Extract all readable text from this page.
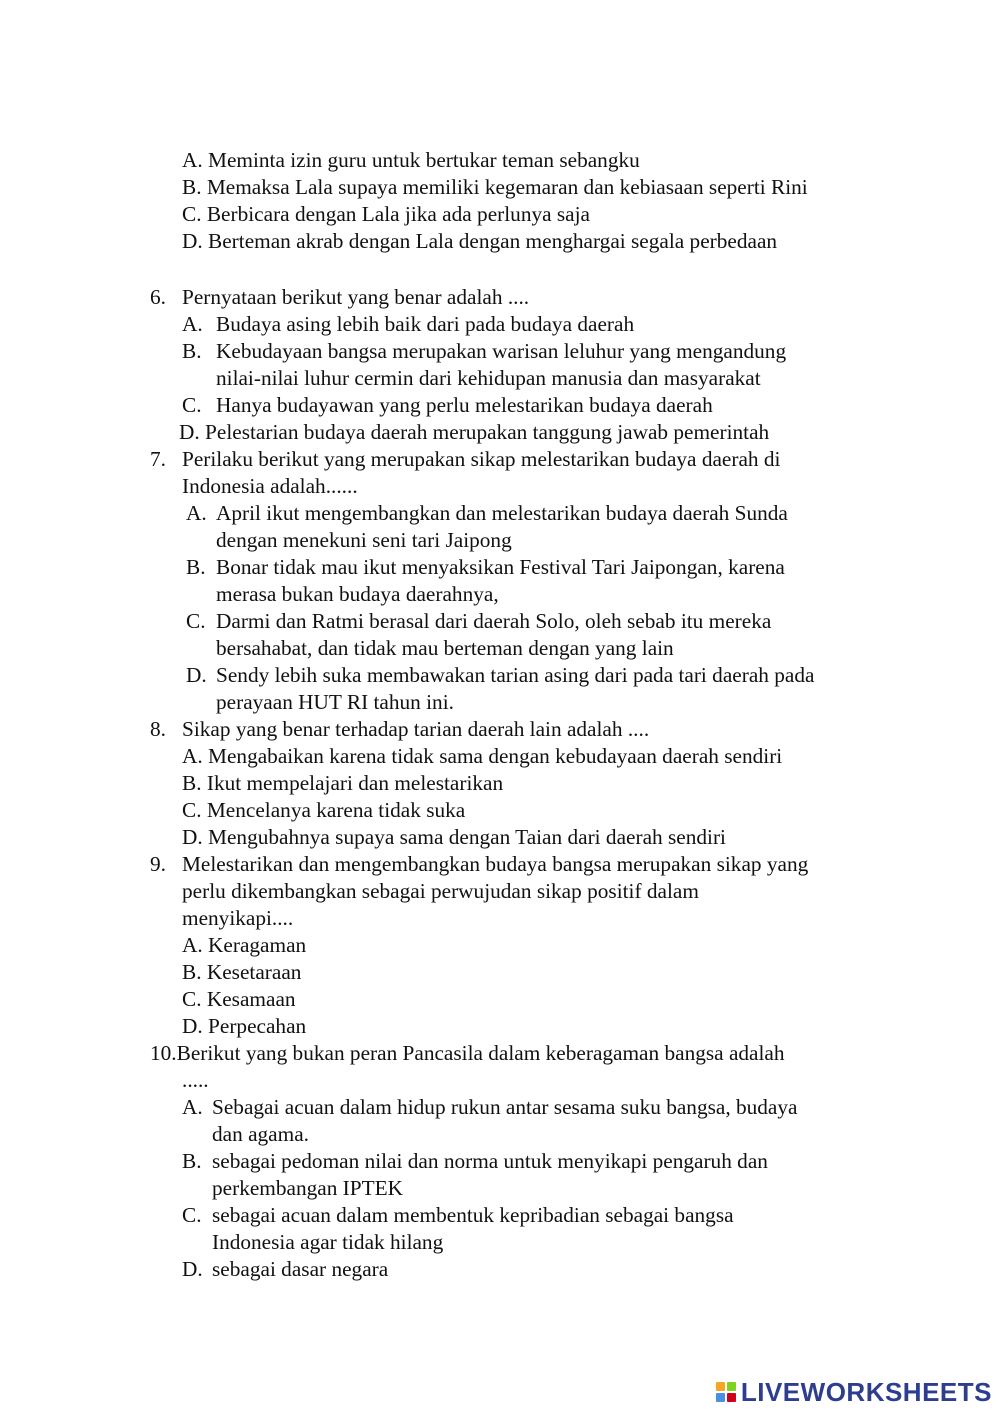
A. Meminta izin guru untuk bertukar teman sebangku
B. Memaksa Lala supaya memiliki kegemaran dan kebiasaan seperti Rini
C. Berbicara dengan Lala jika ada perlunya saja
D. Berteman akrab dengan Lala dengan menghargai segala perbedaan
6. Pernyataan berikut yang benar adalah ....
A. Budaya asing lebih baik dari pada budaya daerah
B. Kebudayaan bangsa merupakan warisan leluhur yang mengandung
nilai-nilai luhur cermin dari kehidupan manusia dan masyarakat
C. Hanya budayawan yang perlu melestarikan budaya daerah
D. Pelestarian budaya daerah merupakan tanggung jawab pemerintah
7. Perilaku berikut yang merupakan sikap melestarikan budaya daerah di
Indonesia adalah......
A. April ikut mengembangkan dan melestarikan budaya daerah Sunda
dengan menekuni seni tari Jaipong
B. Bonar tidak mau ikut menyaksikan Festival Tari Jaipongan, karena
merasa bukan budaya daerahnya,
C. Darmi dan Ratmi berasal dari daerah Solo, oleh sebab itu mereka
bersahabat, dan tidak mau berteman dengan yang lain
D. Sendy lebih suka membawakan tarian asing dari pada tari daerah pada
perayaan HUT RI tahun ini.
8. Sikap yang benar terhadap tarian daerah lain adalah ....
A. Mengabaikan karena tidak sama dengan kebudayaan daerah sendiri
B. Ikut mempelajari dan melestarikan
C. Mencelanya karena tidak suka
D. Mengubahnya supaya sama dengan Taian dari daerah sendiri
9. Melestarikan dan mengembangkan budaya bangsa merupakan sikap yang
perlu dikembangkan sebagai perwujudan sikap positif dalam
menyikapi....
A. Keragaman
B. Kesetaraan
C. Kesamaan
D. Perpecahan
10.Berikut yang bukan peran Pancasila dalam keberagaman bangsa adalah
.....
A. Sebagai acuan dalam hidup rukun antar sesama suku bangsa, budaya
dan agama.
B. sebagai pedoman nilai dan norma untuk menyikapi pengaruh dan
perkembangan IPTEK
C. sebagai acuan dalam membentuk kepribadian sebagai bangsa
Indonesia agar tidak hilang
D. sebagai dasar negara
LIVEWORKSHEETS
